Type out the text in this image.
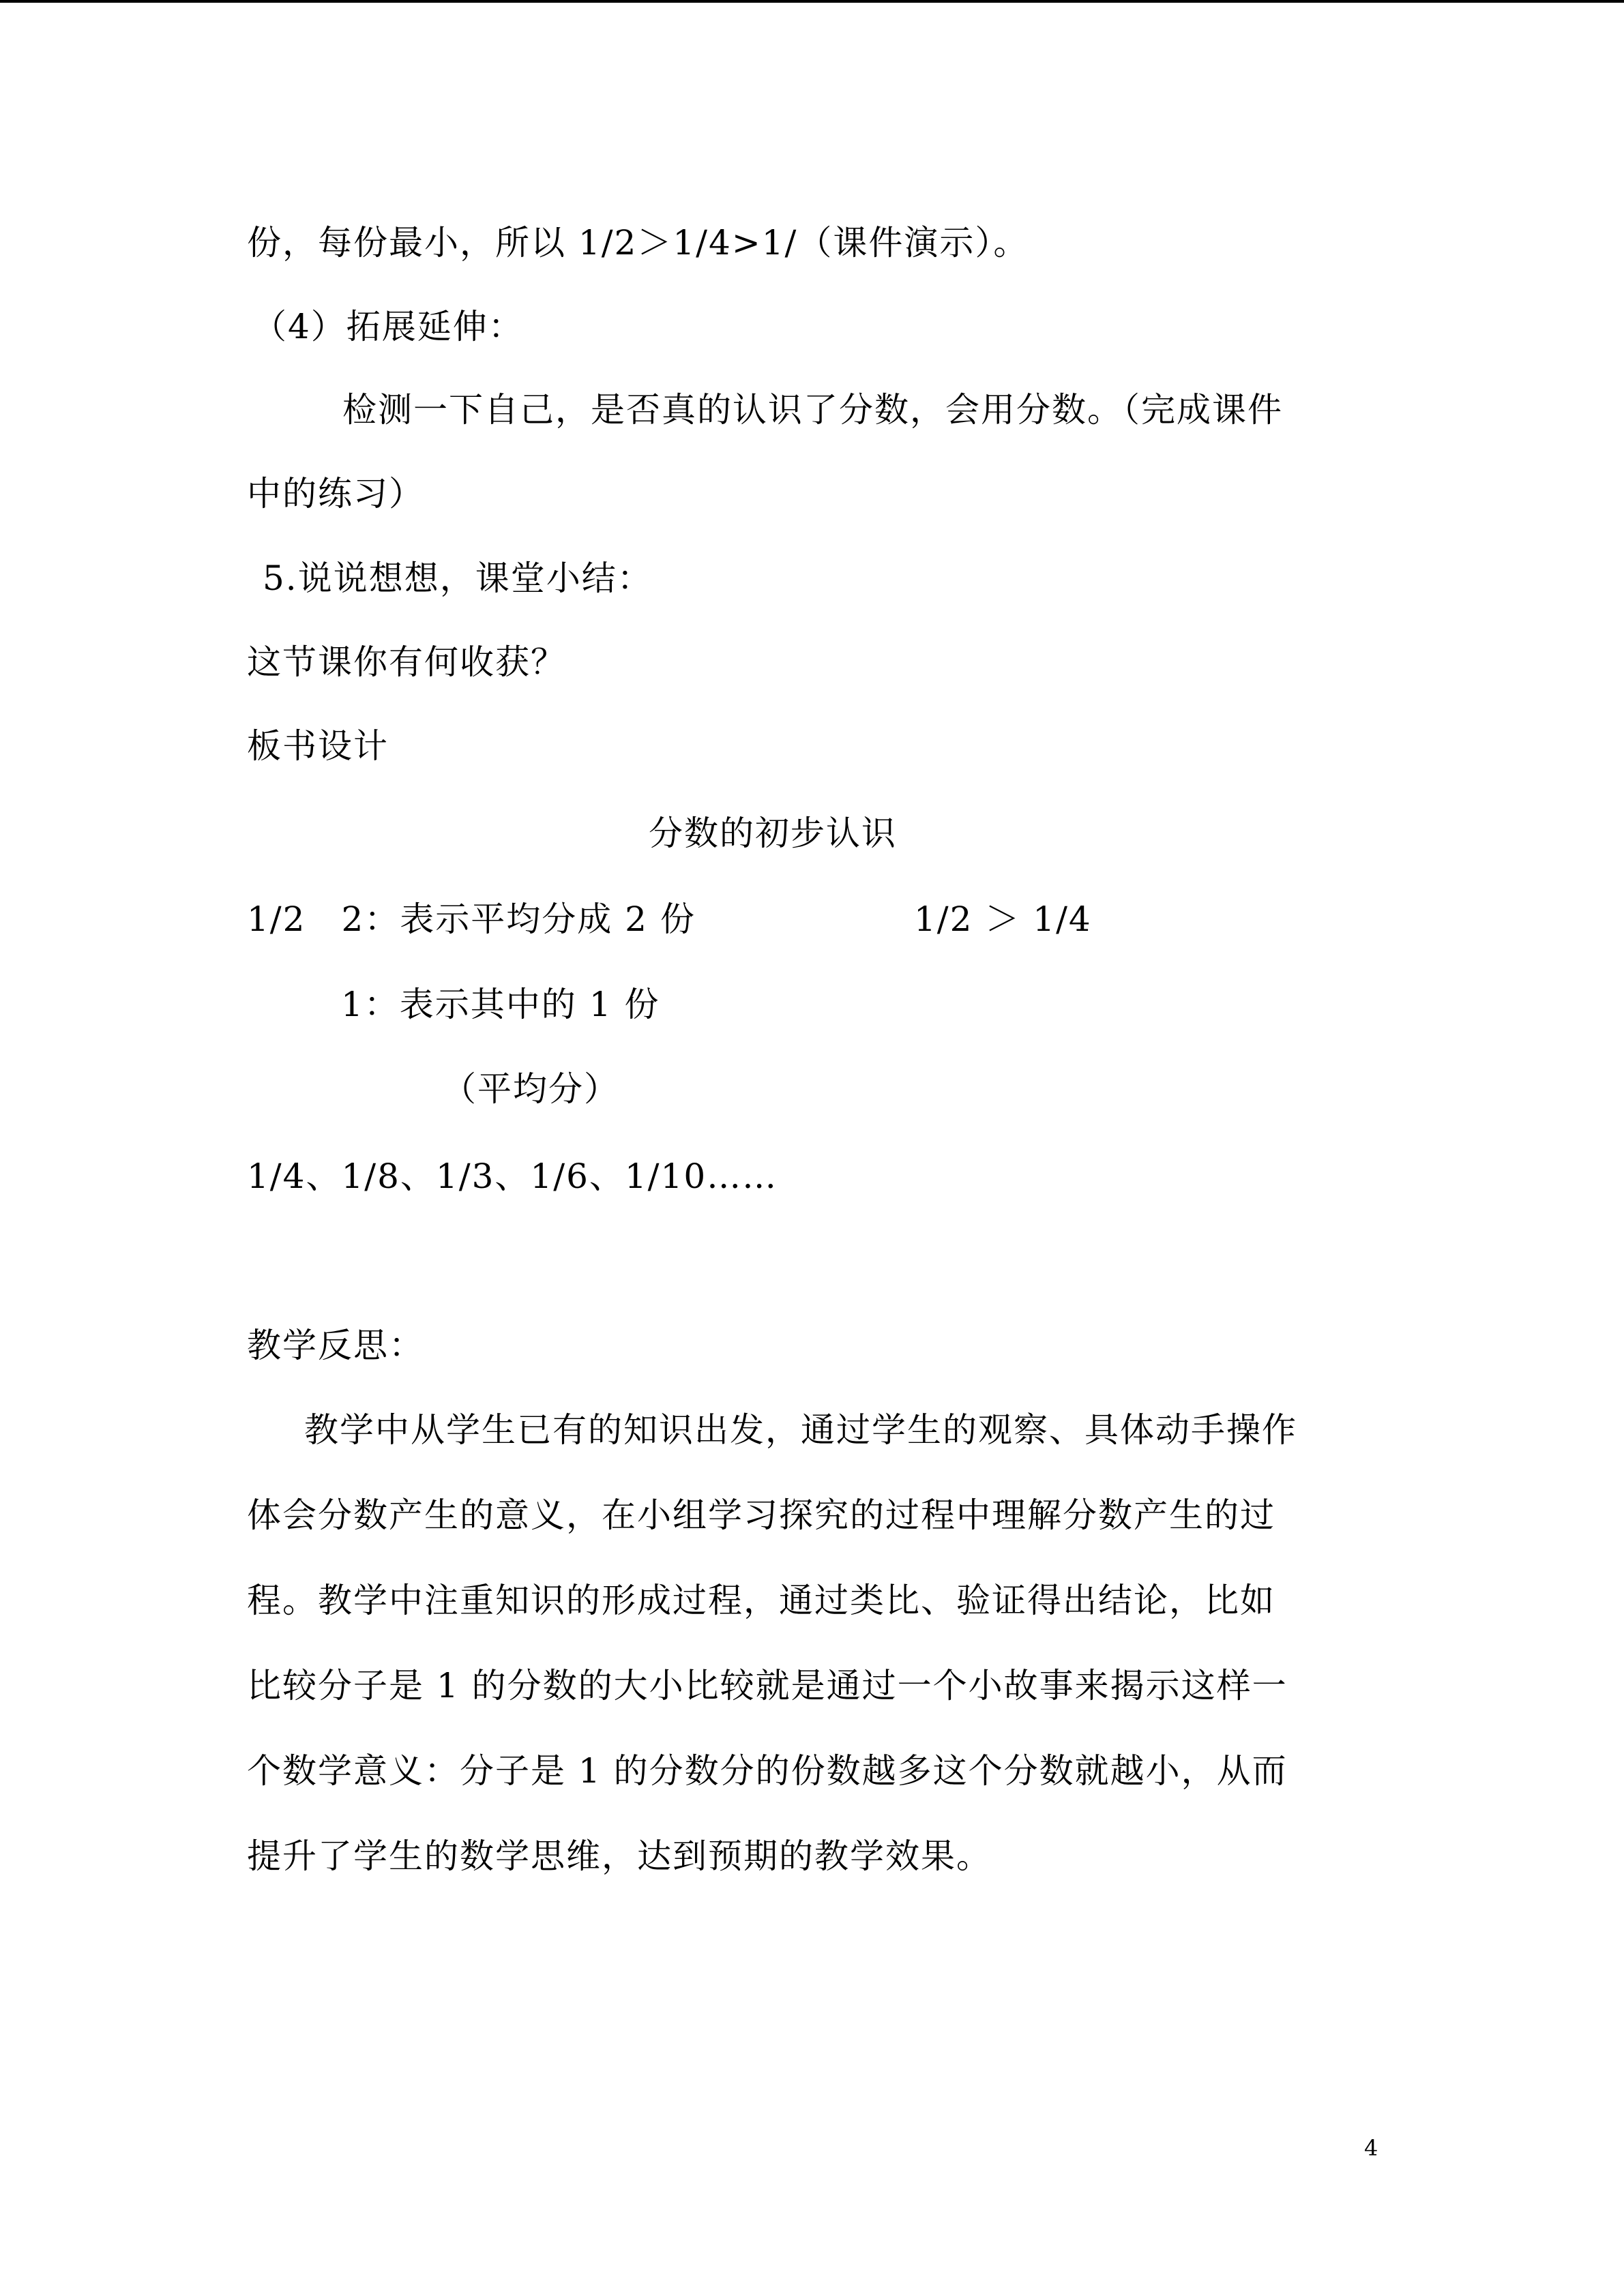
份，每份最小，所以 1/2＞1/4>1/（课件演示）。
（4）拓展延伸：
检测一下自己，是否真的认识了分数，会用分数。（完成课件
中的练习）
5.说说想想，课堂小结：
这节课你有何收获？
板书设计
分数的初步认识
1/2　2：表示平均分成 2 份	1/2 ＞ 1/4
1：表示其中的 1 份
（平均分）
1/4、1/8、1/3、1/6、1/10……
教学反思：
教学中从学生已有的知识出发，通过学生的观察、具体动手操作
体会分数产生的意义，在小组学习探究的过程中理解分数产生的过
程。教学中注重知识的形成过程，通过类比、验证得出结论，比如
比较分子是 1 的分数的大小比较就是通过一个小故事来揭示这样一
个数学意义：分子是 1 的分数分的份数越多这个分数就越小，从而
提升了学生的数学思维，达到预期的教学效果。
4
